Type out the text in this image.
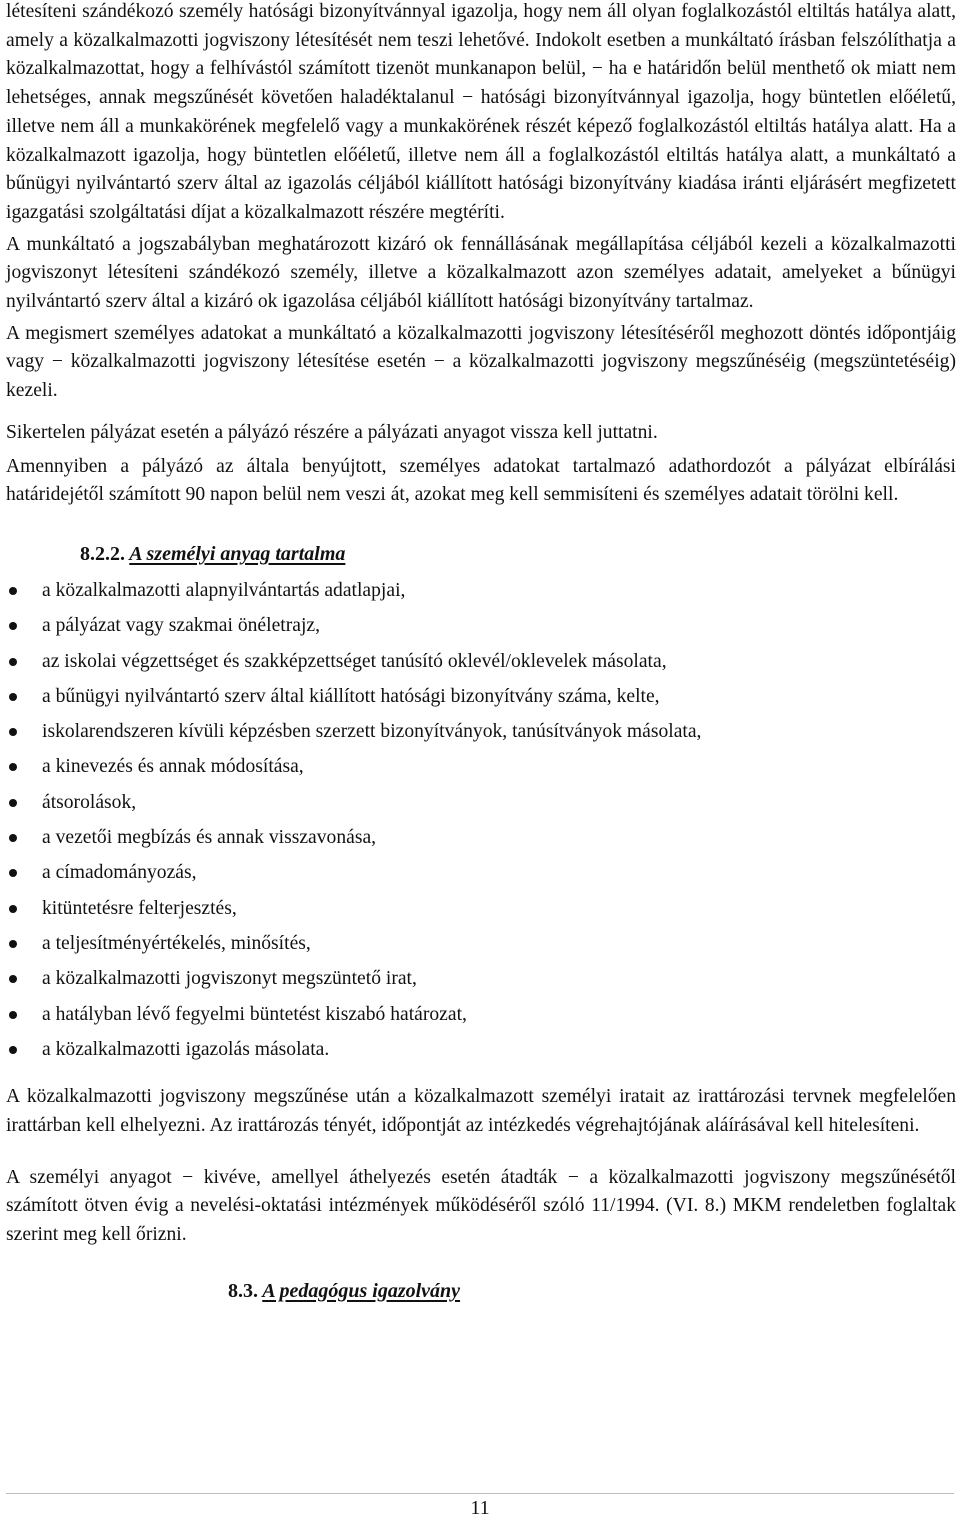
létesíteni szándékozó személy hatósági bizonyítvánnyal igazolja, hogy nem áll olyan foglalkozástól eltiltás hatálya alatt, amely a közalkalmazotti jogviszony létesítését nem teszi lehetővé. Indokolt esetben a munkáltató írásban felszólíthatja a közalkalmazottat, hogy a felhívástól számított tizenöt munkanapon belül, − ha e határidőn belül menthető ok miatt nem lehetséges, annak megszűnését követően haladéktalanul − hatósági bizonyítvánnyal igazolja, hogy büntetlen előéletű, illetve nem áll a munkakörének megfelelő vagy a munkakörének részét képező foglalkozástól eltiltás hatálya alatt. Ha a közalkalmazott igazolja, hogy büntetlen előéletű, illetve nem áll a foglalkozástól eltiltás hatálya alatt, a munkáltató a bűnügyi nyilvántartó szerv által az igazolás céljából kiállított hatósági bizonyítvány kiadása iránti eljárásért megfizetett igazgatási szolgáltatási díjat a közalkalmazott részére megtéríti.

A munkáltató a jogszabályban meghatározott kizáró ok fennállásának megállapítása céljából kezeli a közalkalmazotti jogviszonyt létesíteni szándékozó személy, illetve a közalkalmazott azon személyes adatait, amelyeket a bűnügyi nyilvántartó szerv által a kizáró ok igazolása céljából kiállított hatósági bizonyítvány tartalmaz.

A megismert személyes adatokat a munkáltató a közalkalmazotti jogviszony létesítéséről meghozott döntés időpontjáig vagy − közalkalmazotti jogviszony létesítése esetén − a közalkalmazotti jogviszony megszűnéséig (megszüntetéséig) kezeli.

Sikertelen pályázat esetén a pályázó részére a pályázati anyagot vissza kell juttatni.

Amennyiben a pályázó az általa benyújtott, személyes adatokat tartalmazó adathordozót a pályázat elbírálási határidejétől számított 90 napon belül nem veszi át, azokat meg kell semmisíteni és személyes adatait törölni kell.

8.2.2. A személyi anyag tartalma
a közalkalmazotti alapnyilvántartás adatlapjai,
a pályázat vagy szakmai önéletrajz,
az iskolai végzettséget és szakképzettséget tanúsító oklevél/oklevelek másolata,
a bűnügyi nyilvántartó szerv által kiállított hatósági bizonyítvány száma, kelte,
iskolarendszeren kívüli képzésben szerzett bizonyítványok, tanúsítványok másolata,
a kinevezés és annak módosítása,
átsorolások,
a vezetői megbízás és annak visszavonása,
a címadományozás,
kitüntetésre felterjesztés,
a teljesítményértékelés, minősítés,
a közalkalmazotti jogviszonyt megszüntető irat,
a hatályban lévő fegyelmi büntetést kiszabó határozat,
a közalkalmazotti igazolás másolata.

A közalkalmazotti jogviszony megszűnése után a közalkalmazott személyi iratait az irattározási tervnek megfelelően irattárban kell elhelyezni. Az irattározás tényét, időpontját az intézkedés végrehajtójának aláírásával kell hitelesíteni.

A személyi anyagot − kivéve, amellyel áthelyezés esetén átadták − a közalkalmazotti jogviszony megszűnésétől számított ötven évig a nevelési-oktatási intézmények működéséről szóló 11/1994. (VI. 8.) MKM rendeletben foglaltak szerint meg kell őrizni.

8.3. A pedagógus igazolvány
11
